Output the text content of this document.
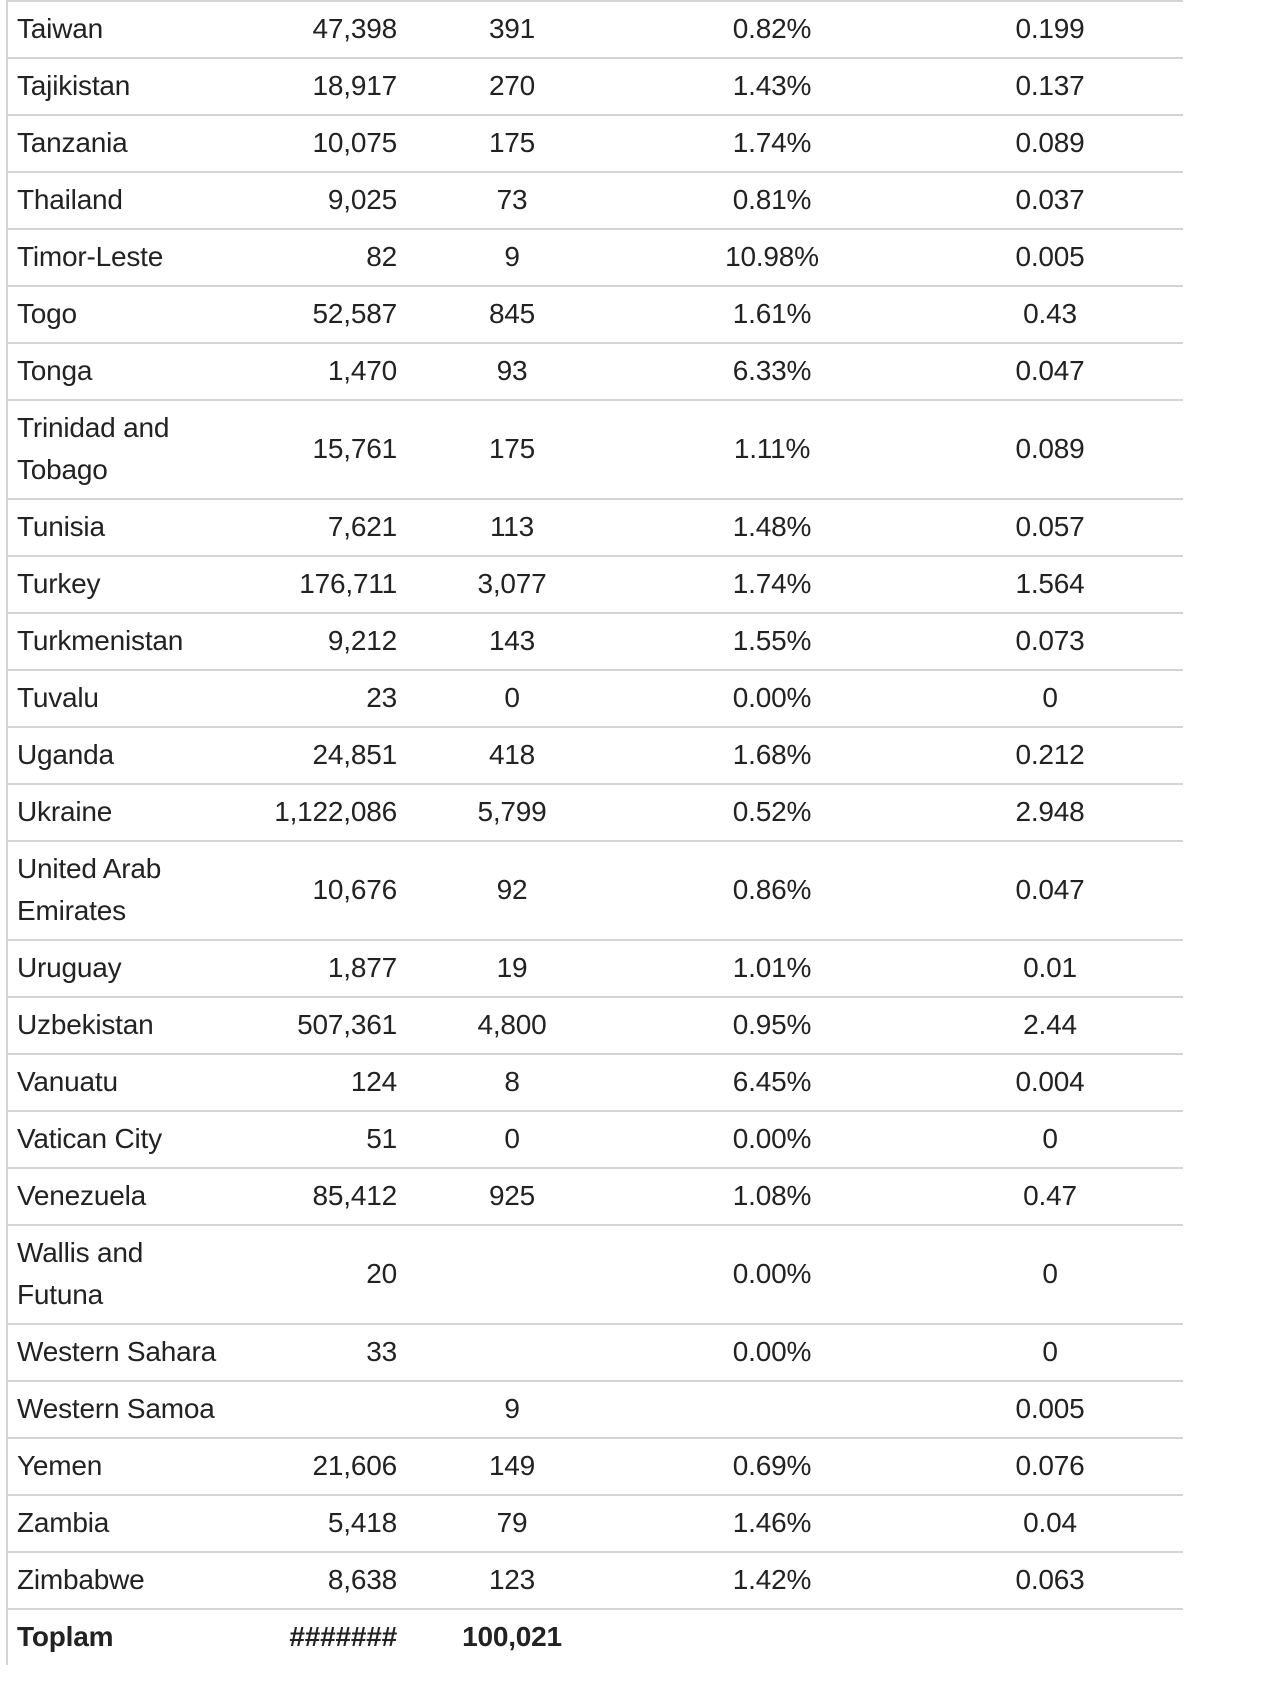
Taiwan	47,398	391	0.82%	0.199
Tajikistan	18,917	270	1.43%	0.137
Tanzania	10,075	175	1.74%	0.089
Thailand	9,025	73	0.81%	0.037
Timor-Leste	82	9	10.98%	0.005
Togo	52,587	845	1.61%	0.43
Tonga	1,470	93	6.33%	0.047
Trinidad and Tobago	15,761	175	1.11%	0.089
Tunisia	7,621	113	1.48%	0.057
Turkey	176,711	3,077	1.74%	1.564
Turkmenistan	9,212	143	1.55%	0.073
Tuvalu	23	0	0.00%	0
Uganda	24,851	418	1.68%	0.212
Ukraine	1,122,086	5,799	0.52%	2.948
United Arab Emirates	10,676	92	0.86%	0.047
Uruguay	1,877	19	1.01%	0.01
Uzbekistan	507,361	4,800	0.95%	2.44
Vanuatu	124	8	6.45%	0.004
Vatican City	51	0	0.00%	0
Venezuela	85,412	925	1.08%	0.47
Wallis and Futuna	20		0.00%	0
Western Sahara	33		0.00%	0
Western Samoa		9		0.005
Yemen	21,606	149	0.69%	0.076
Zambia	5,418	79	1.46%	0.04
Zimbabwe	8,638	123	1.42%	0.063
Toplam	#######	100,021		
